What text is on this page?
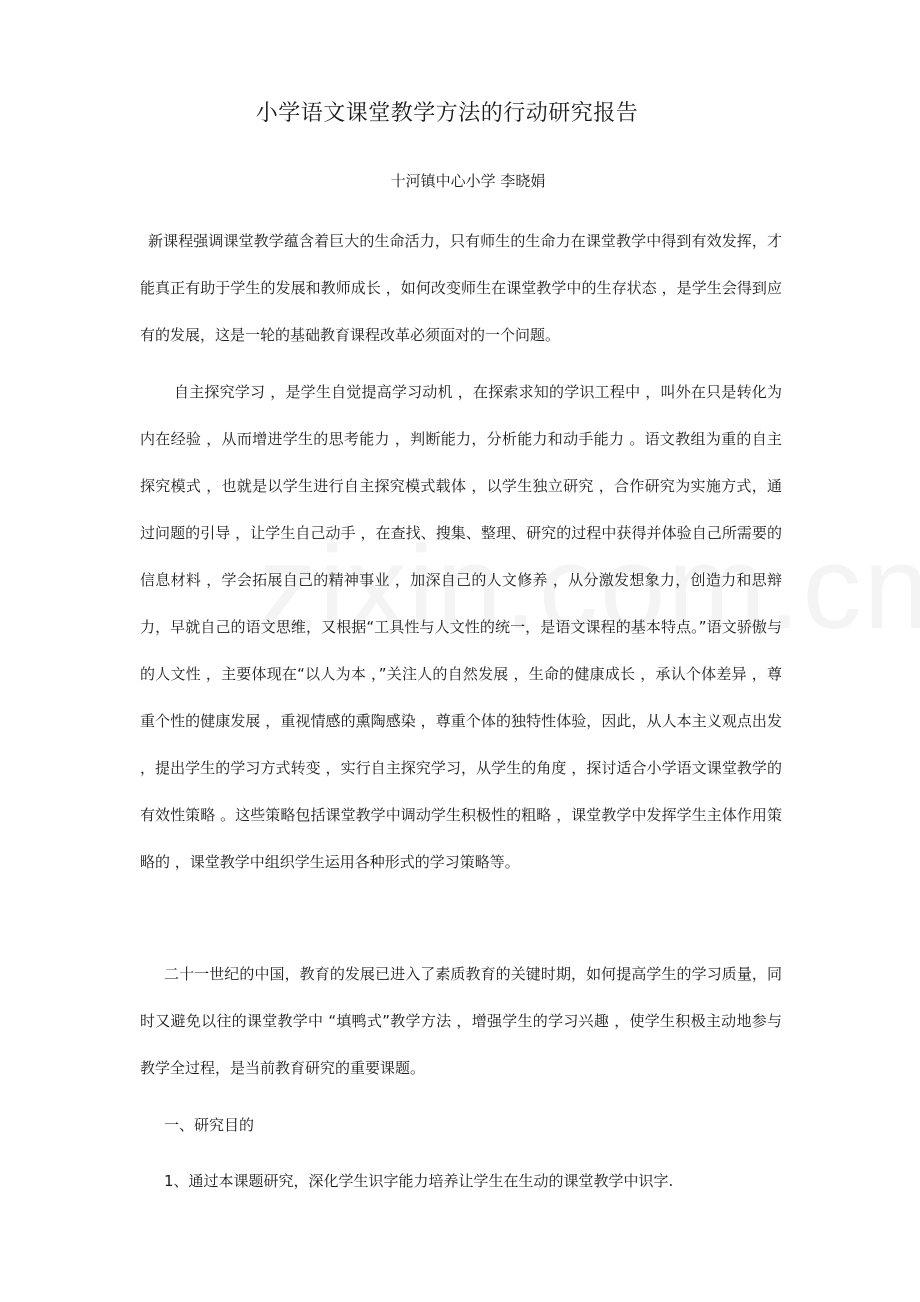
小学语文课堂教学方法的行动研究报告
十河镇中心小学 李晓娟

新课程强调课堂教学蕴含着巨大的生命活力，只有师生的生命力在课堂教学中得到有效发挥，才能真正有助于学生的发展和教师成长 ，如何改变师生在课堂教学中的生存状态 ，是学生会得到应有的发展，这是一轮的基础教育课程改革必须面对的一个问题。

自主探究学习 ，是学生自觉提高学习动机 ，在探索求知的学识工程中 ，叫外在只是转化为内在经验 ，从而增进学生的思考能力 ，判断能力，分析能力和动手能力 。语文教组为重的自主探究模式 ，也就是以学生进行自主探究模式载体 ，以学生独立研究 ，合作研究为实施方式，通过问题的引导 ，让学生自己动手 ，在查找、搜集、整理、研究的过程中获得并体验自己所需要的信息材料 ，学会拓展自己的精神事业 ，加深自己的人文修养 ，从分激发想象力，创造力和思辩力，早就自己的语文思维，又根据“工具性与人文性的统一，是语文课程的基本特点。”语文骄傲与的人文性 ，主要体现在“以人为本 ，”关注人的自然发展 ，生命的健康成长 ，承认个体差异 ，尊重个性的健康发展 ，重视情感的熏陶感染 ，尊重个体的独特性体验，因此，从人本主义观点出发 ，提出学生的学习方式转变 ，实行自主探究学习，从学生的角度 ，探讨适合小学语文课堂教学的有效性策略 。这些策略包括课堂教学中调动学生积极性的粗略 ，课堂教学中发挥学生主体作用策略的 ，课堂教学中组织学生运用各种形式的学习策略等。

二十一世纪的中国，教育的发展已进入了素质教育的关键时期，如何提高学生的学习质量，同时又避免以往的课堂教学中 “填鸭式”教学方法 ，增强学生的学习兴趣 ，使学生积极主动地参与教学全过程，是当前教育研究的重要课题。

一、研究目的

1、通过本课题研究，深化学生识字能力培养让学生在生动的课堂教学中识字.
